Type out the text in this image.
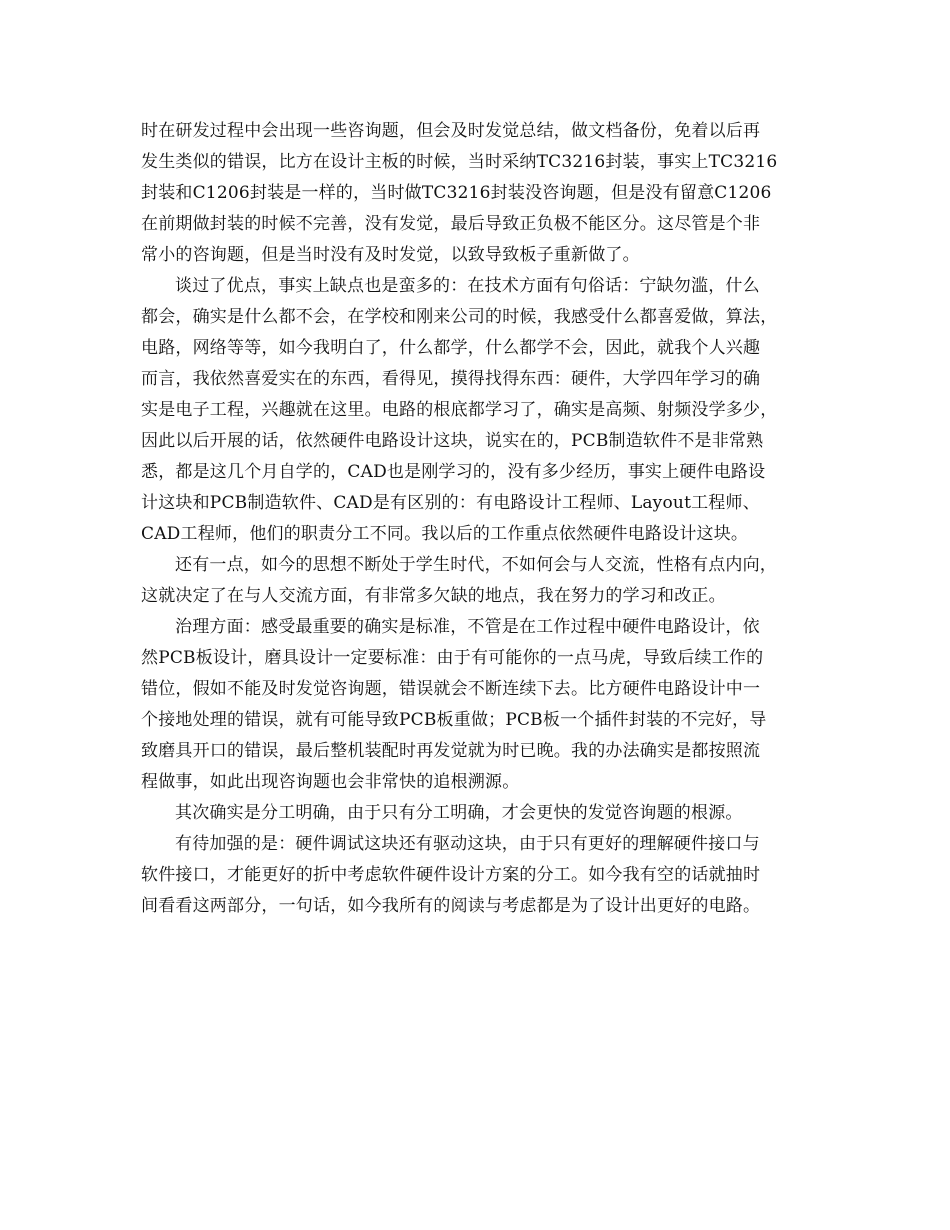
时在研发过程中会出现一些咨询题，但会及时发觉总结，做文档备份，免着以后再
发生类似的错误，比方在设计主板的时候，当时采纳TC3216封装，事实上TC3216
封装和C1206封装是一样的，当时做TC3216封装没咨询题，但是没有留意C1206
在前期做封装的时候不完善，没有发觉，最后导致正负极不能区分。这尽管是个非
常小的咨询题，但是当时没有及时发觉，以致导致板子重新做了。
谈过了优点，事实上缺点也是蛮多的：在技术方面有句俗话：宁缺勿滥，什么
都会，确实是什么都不会，在学校和刚来公司的时候，我感受什么都喜爱做，算法，
电路，网络等等，如今我明白了，什么都学，什么都学不会，因此，就我个人兴趣
而言，我依然喜爱实在的东西，看得见，摸得找得东西：硬件，大学四年学习的确
实是电子工程，兴趣就在这里。电路的根底都学习了，确实是高频、射频没学多少，
因此以后开展的话，依然硬件电路设计这块，说实在的，PCB制造软件不是非常熟
悉，都是这几个月自学的，CAD也是刚学习的，没有多少经历，事实上硬件电路设
计这块和PCB制造软件、CAD是有区别的：有电路设计工程师、Layout工程师、
CAD工程师，他们的职责分工不同。我以后的工作重点依然硬件电路设计这块。
还有一点，如今的思想不断处于学生时代，不如何会与人交流，性格有点内向，
这就决定了在与人交流方面，有非常多欠缺的地点，我在努力的学习和改正。
治理方面：感受最重要的确实是标准，不管是在工作过程中硬件电路设计，依
然PCB板设计，磨具设计一定要标准：由于有可能你的一点马虎，导致后续工作的
错位，假如不能及时发觉咨询题，错误就会不断连续下去。比方硬件电路设计中一
个接地处理的错误，就有可能导致PCB板重做；PCB板一个插件封装的不完好，导
致磨具开口的错误，最后整机装配时再发觉就为时已晚。我的办法确实是都按照流
程做事，如此出现咨询题也会非常快的追根溯源。
其次确实是分工明确，由于只有分工明确，才会更快的发觉咨询题的根源。
有待加强的是：硬件调试这块还有驱动这块，由于只有更好的理解硬件接口与
软件接口，才能更好的折中考虑软件硬件设计方案的分工。如今我有空的话就抽时
间看看这两部分，一句话，如今我所有的阅读与考虑都是为了设计出更好的电路。
